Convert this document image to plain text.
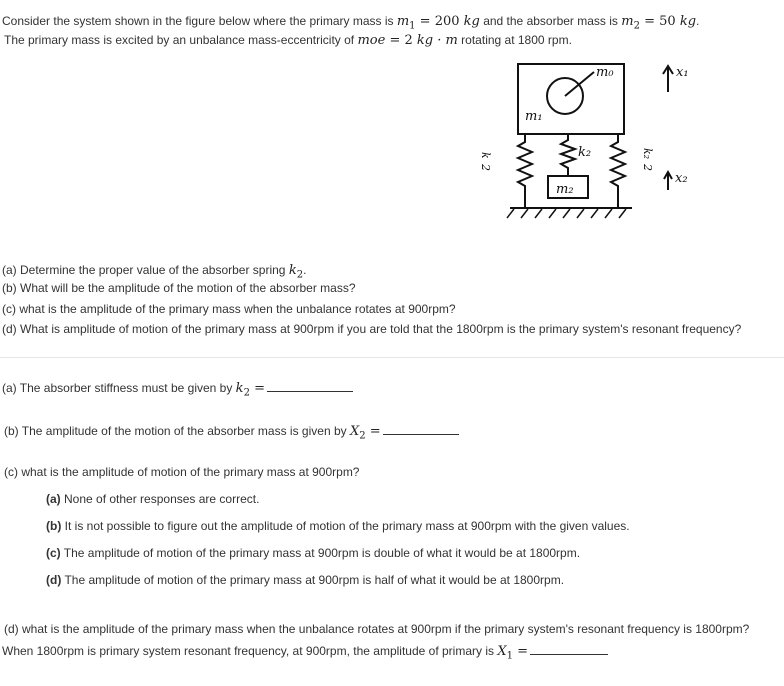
Consider the system shown in the figure below where the primary mass is $m_1 = 200$ kg and the absorber mass is $m_2 = 50$ kg.
The primary mass is excited by an unbalance mass-eccentricity of moe = 2 kg · m rotating at 1800 rpm.
m₀
m₁
k₂
m₂
x₁
x₂
k
2
k₂
2
(a) Determine the proper value of the absorber spring $k_2$.
(b) What will be the amplitude of the motion of the absorber mass?
(c) what is the amplitude of the primary mass when the unbalance rotates at 900rpm?
(d) What is amplitude of motion of the primary mass at 900rpm if you are told that the 1800rpm is the primary system's resonant frequency?
(a) The absorber stiffness must be given by $k_2$ =
(b) The amplitude of the motion of the absorber mass is given by $X_2$ =
(c) what is the amplitude of motion of the primary mass at 900rpm?
(a) None of other responses are correct.
(b) It is not possible to figure out the amplitude of motion of the primary mass at 900rpm with the given values.
(c) The amplitude of motion of the primary mass at 900rpm is double of what it would be at 1800rpm.
(d) The amplitude of motion of the primary mass at 900rpm is half of what it would be at 1800rpm.
(d) what is the amplitude of the primary mass when the unbalance rotates at 900rpm if the primary system's resonant frequency is 1800rpm?
When 1800rpm is primary system resonant frequency, at 900rpm, the amplitude of primary is $X_1$ =
